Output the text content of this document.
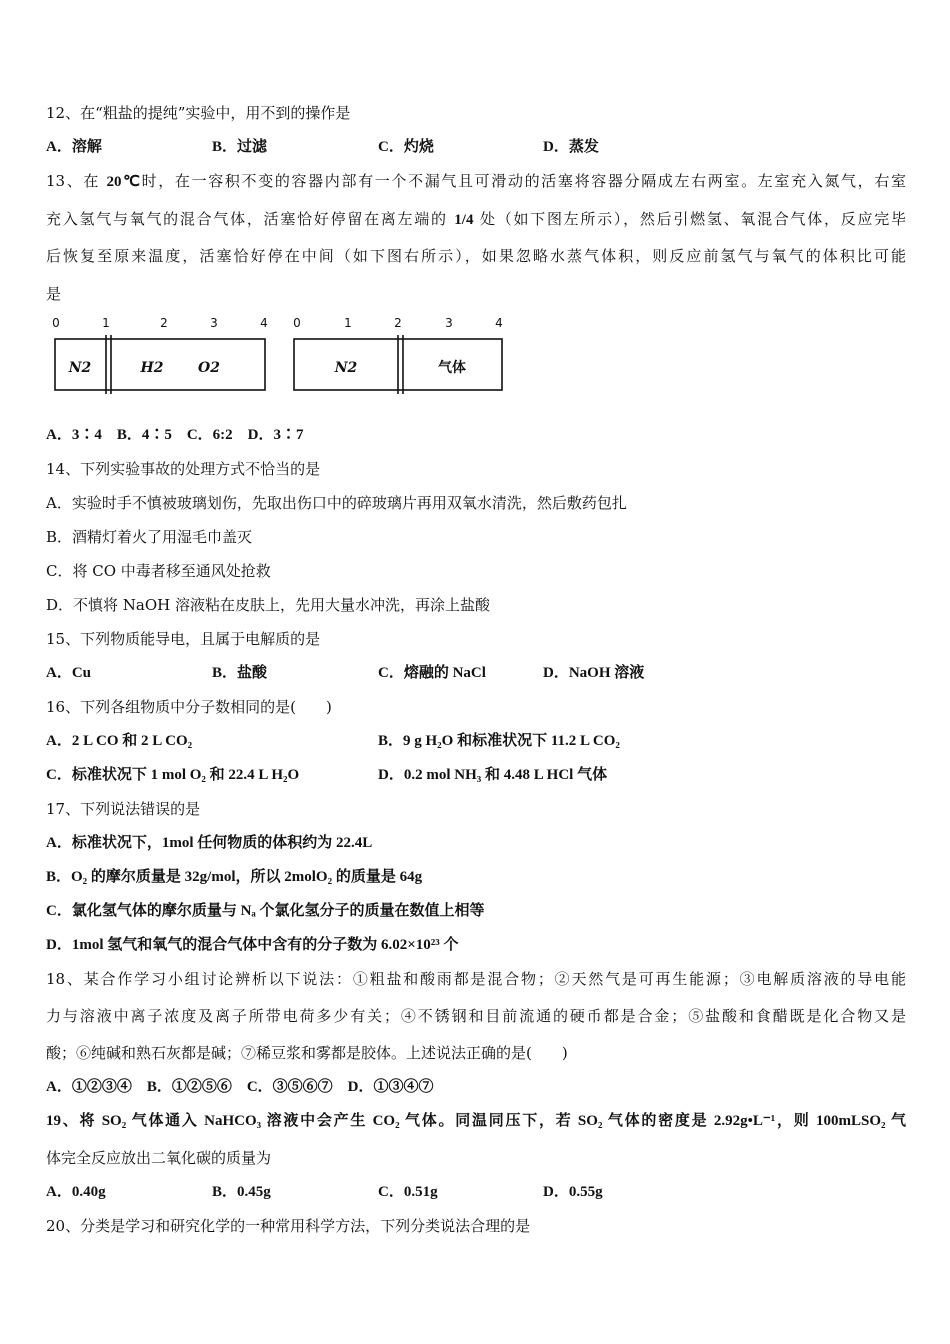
12、在“粗盐的提纯”实验中，用不到的操作是
A．溶解	B．过滤	C．灼烧	D．蒸发
13、在 20℃时，在一容积不变的容器内部有一个不漏气且可滑动的活塞将容器分隔成左右两室。左室充入氮气，右室
充入氢气与氧气的混合气体，活塞恰好停留在离左端的 1/4 处（如下图左所示），然后引燃氢、氧混合气体，反应完毕
后恢复至原来温度，活塞恰好停在中间（如下图右所示），如果忽略水蒸气体积，则反应前氢气与氧气的体积比可能
是
0	1	2	3	4 0	1	2	3	4
N2	H2 O2	N2	气体
A．3∶4　B．4∶5　C．6:2　D．3∶7
14、下列实验事故的处理方式不恰当的是
A．实验时手不慎被玻璃划伤，先取出伤口中的碎玻璃片再用双氧水清洗，然后敷药包扎
B．酒精灯着火了用湿毛巾盖灭
C．将 CO 中毒者移至通风处抢救
D．不慎将 NaOH 溶液粘在皮肤上，先用大量水冲洗，再涂上盐酸
15、下列物质能导电，且属于电解质的是
A．Cu	B．盐酸	C．熔融的 NaCl	D．NaOH 溶液
16、下列各组物质中分子数相同的是(　　)
A．2 L CO 和 2 L CO₂	B．9 g H₂O 和标准状况下 11.2 L CO₂
C．标准状况下 1 mol O₂ 和 22.4 L H₂O	D．0.2 mol NH₃ 和 4.48 L HCl 气体
17、下列说法错误的是
A．标准状况下，1mol 任何物质的体积约为 22.4L
B．O₂ 的摩尔质量是 32g/mol，所以 2molO₂ 的质量是 64g
C．氯化氢气体的摩尔质量与 Nₐ 个氯化氢分子的质量在数值上相等
D．1mol 氢气和氧气的混合气体中含有的分子数为 6.02×10²³ 个
18、某合作学习小组讨论辨析以下说法：①粗盐和酸雨都是混合物；②天然气是可再生能源；③电解质溶液的导电能
力与溶液中离子浓度及离子所带电荷多少有关；④不锈钢和目前流通的硬币都是合金；⑤盐酸和食醋既是化合物又是
酸；⑥纯碱和熟石灰都是碱；⑦稀豆浆和雾都是胶体。上述说法正确的是(　　)
A．①②③④　B．①②⑤⑥　C．③⑤⑥⑦　D．①③④⑦
19、将 SO₂ 气体通入 NaHCO₃ 溶液中会产生 CO₂ 气体。同温同压下，若 SO₂ 气体的密度是 2.92g•L⁻¹，则 100mLSO₂ 气
体完全反应放出二氧化碳的质量为
A．0.40g	B．0.45g	C．0.51g	D．0.55g
20、分类是学习和研究化学的一种常用科学方法，下列分类说法合理的是
